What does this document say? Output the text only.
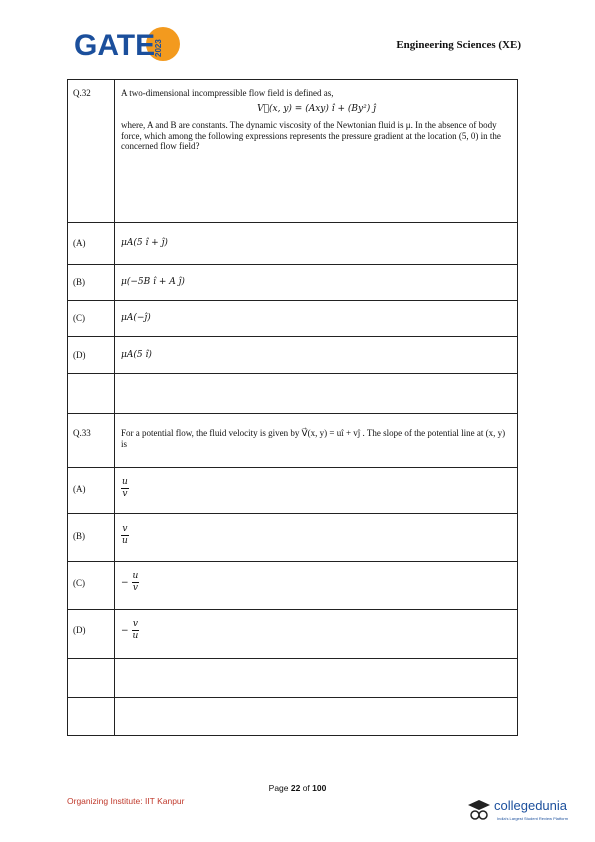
GATE
2023	Engineering Sciences (XE)
Q.32	A two-dimensional incompressible flow field is defined as,
V⃗(x, y) = (Axy) î + (By²) ĵ
where, A and B are constants. The dynamic viscosity of the Newtonian fluid is μ. In the absence of body force, which among the following expressions represents the pressure gradient at the location (5, 0) in the concerned flow field?

(A)	μA(5 î + ĵ)
(B)	μ(−5B î + A ĵ)
(C)	μA(−ĵ)
(D)	μA(5 î)

Q.33	For a potential flow, the fluid velocity is given by V⃗(x, y) = uî + vĵ . The slope of the potential line at (x, y) is
(A)	$\frac{u}{v}$

(B)	$\frac{v}{u}$

(C)	− $\frac{u}{v}$

(D)	− $\frac{v}{u}$

Page 22 of 100
Organizing Institute: IIT Kanpur	collegedunia
India's Largest Student Review Platform
